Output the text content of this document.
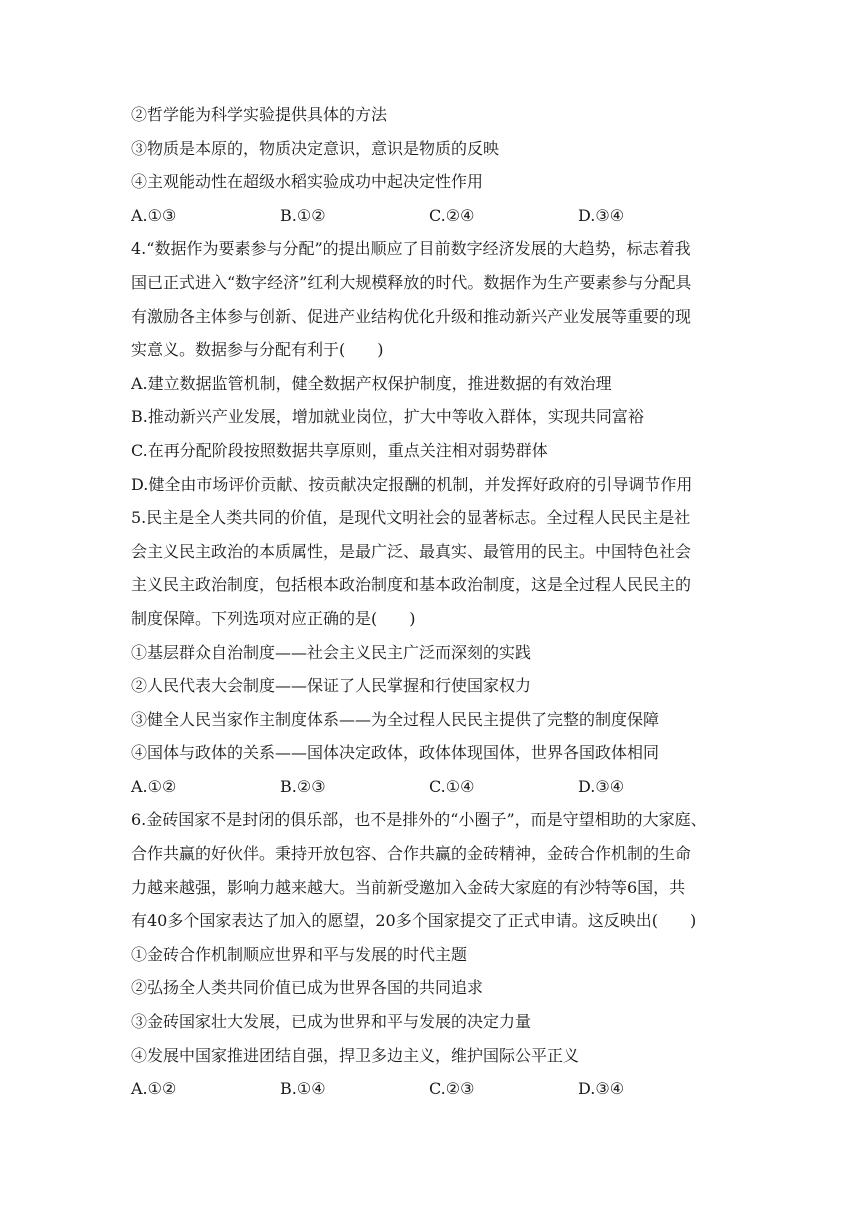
②哲学能为科学实验提供具体的方法
③物质是本原的，物质决定意识，意识是物质的反映
④主观能动性在超级水稻实验成功中起决定性作用
A.①③	B.①②	C.②④	D.③④
4.“数据作为要素参与分配”的提出顺应了目前数字经济发展的大趋势，标志着我
国已正式进入“数字经济”红利大规模释放的时代。数据作为生产要素参与分配具
有激励各主体参与创新、促进产业结构优化升级和推动新兴产业发展等重要的现
实意义。数据参与分配有利于(　　)
A.建立数据监管机制，健全数据产权保护制度，推进数据的有效治理
B.推动新兴产业发展，增加就业岗位，扩大中等收入群体，实现共同富裕
C.在再分配阶段按照数据共享原则，重点关注相对弱势群体
D.健全由市场评价贡献、按贡献决定报酬的机制，并发挥好政府的引导调节作用
5.民主是全人类共同的价值，是现代文明社会的显著标志。全过程人民民主是社
会主义民主政治的本质属性，是最广泛、最真实、最管用的民主。中国特色社会
主义民主政治制度，包括根本政治制度和基本政治制度，这是全过程人民民主的
制度保障。下列选项对应正确的是(　　)
①基层群众自治制度——社会主义民主广泛而深刻的实践
②人民代表大会制度——保证了人民掌握和行使国家权力
③健全人民当家作主制度体系——为全过程人民民主提供了完整的制度保障
④国体与政体的关系——国体决定政体，政体体现国体，世界各国政体相同
A.①②	B.②③	C.①④	D.③④
6.金砖国家不是封闭的俱乐部，也不是排外的“小圈子”，而是守望相助的大家庭、
合作共赢的好伙伴。秉持开放包容、合作共赢的金砖精神，金砖合作机制的生命
力越来越强，影响力越来越大。当前新受邀加入金砖大家庭的有沙特等6国，共
有40多个国家表达了加入的愿望，20多个国家提交了正式申请。这反映出(　　)
①金砖合作机制顺应世界和平与发展的时代主题
②弘扬全人类共同价值已成为世界各国的共同追求
③金砖国家壮大发展，已成为世界和平与发展的决定力量
④发展中国家推进团结自强，捍卫多边主义，维护国际公平正义
A.①②	B.①④	C.②③	D.③④
